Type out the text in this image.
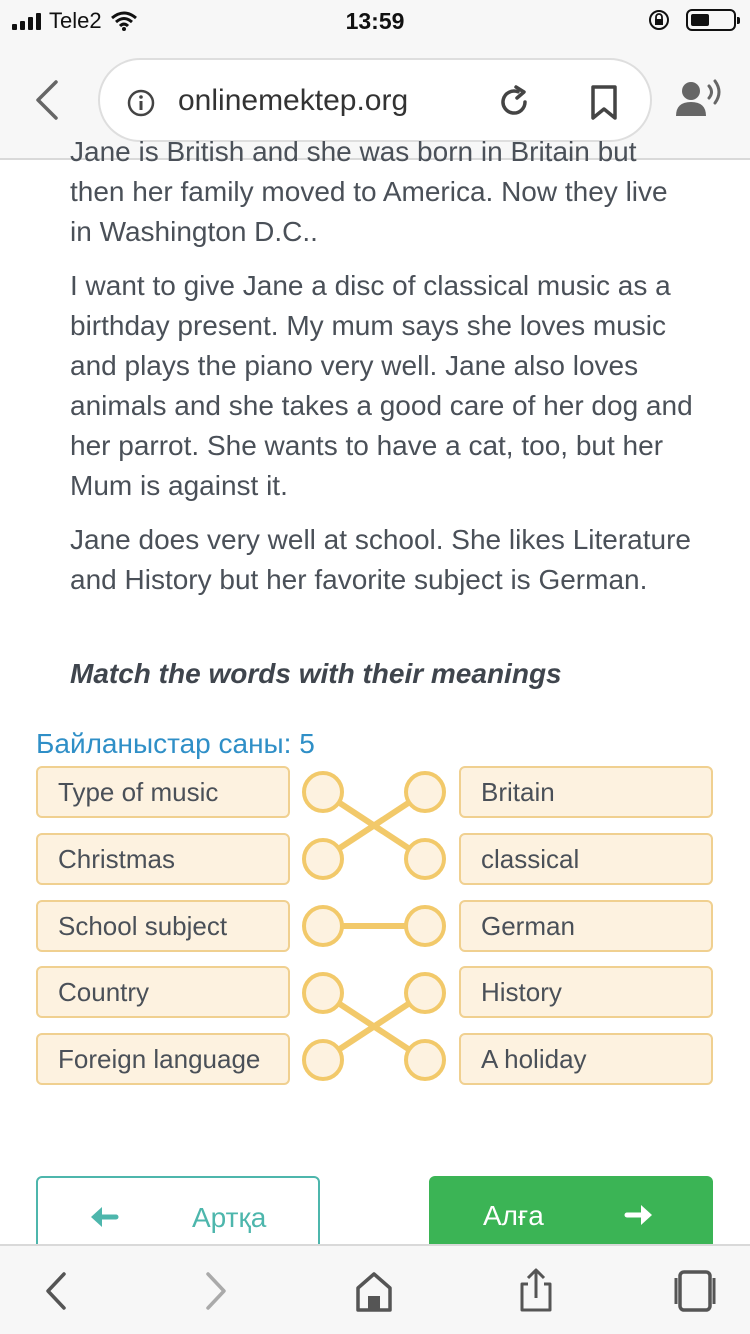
Tele2	13:59
onlinemektep.org

Jane is British and she was born in Britain but then her family moved to America. Now they live in Washington D.C..

I want to give Jane a disc of classical music as a birthday present. My mum says she loves music and plays the piano very well. Jane also loves animals and she takes a good care of her dog and her parrot. She wants to have a cat, too, but her Mum is against it.

Jane does very well at school. She likes Literature and History but her favorite subject is German.

Match the words with their meanings
Байланыстар саны: 5
Type of music
Christmas
School subject
Country
Foreign language
Britain
classical
German
History
A holiday
Артқа	Алға
